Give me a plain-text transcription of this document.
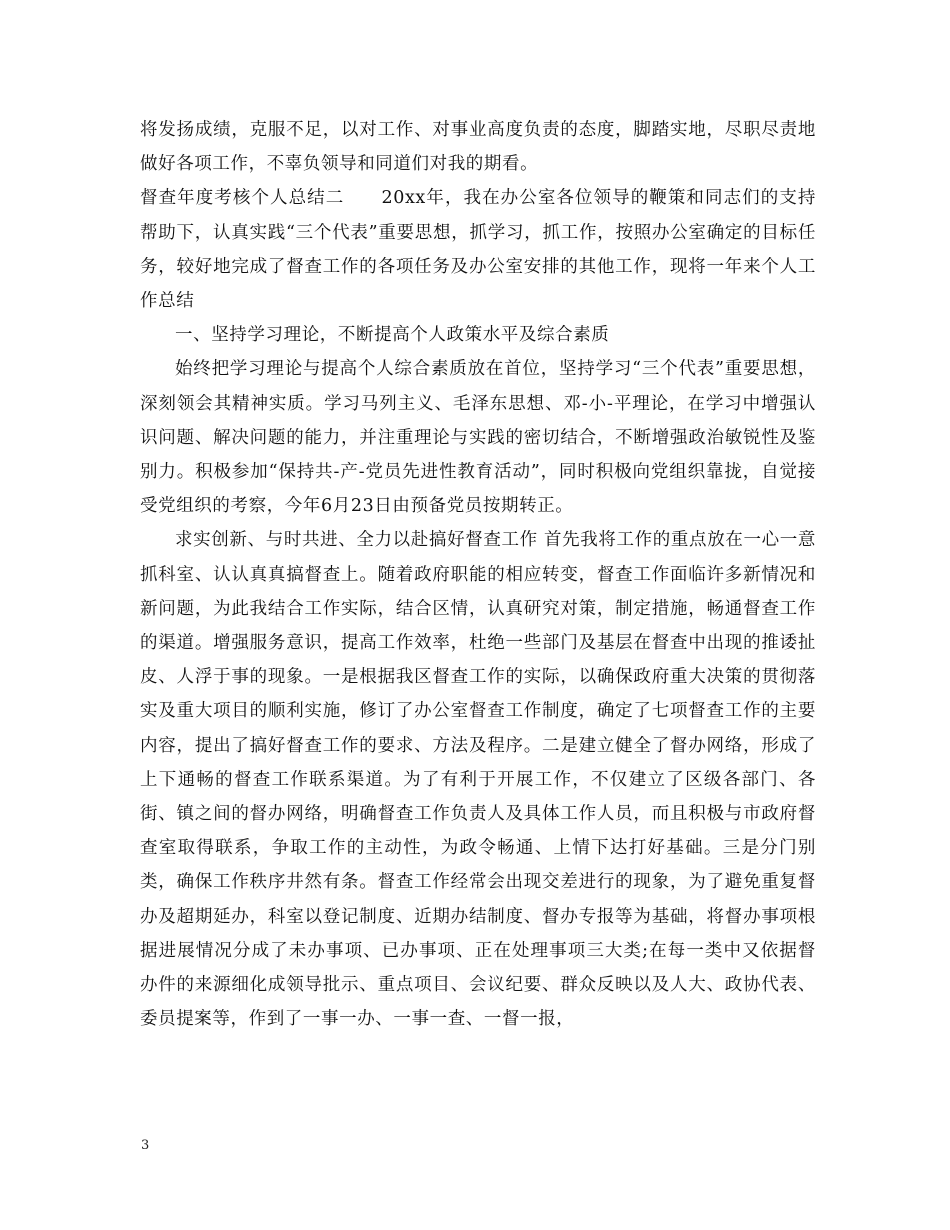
将发扬成绩，克服不足，以对工作、对事业高度负责的态度，脚踏实地，尽职尽责地做好各项工作，不辜负领导和同道们对我的期看。

督查年度考核个人总结二　　20xx年，我在办公室各位领导的鞭策和同志们的支持帮助下，认真实践“三个代表”重要思想，抓学习，抓工作，按照办公室确定的目标任务，较好地完成了督查工作的各项任务及办公室安排的其他工作，现将一年来个人工作总结

一、坚持学习理论，不断提高个人政策水平及综合素质

始终把学习理论与提高个人综合素质放在首位，坚持学习“三个代表”重要思想，深刻领会其精神实质。学习马列主义、毛泽东思想、邓-小-平理论，在学习中增强认识问题、解决问题的能力，并注重理论与实践的密切结合，不断增强政治敏锐性及鉴别力。积极参加“保持共-产-党员先进性教育活动”，同时积极向党组织靠拢，自觉接受党组织的考察，今年6月23日由预备党员按期转正。

求实创新、与时共进、全力以赴搞好督查工作 首先我将工作的重点放在一心一意抓科室、认认真真搞督查上。随着政府职能的相应转变，督查工作面临许多新情况和新问题，为此我结合工作实际，结合区情，认真研究对策，制定措施，畅通督查工作的渠道。增强服务意识，提高工作效率，杜绝一些部门及基层在督查中出现的推诿扯皮、人浮于事的现象。一是根据我区督查工作的实际，以确保政府重大决策的贯彻落实及重大项目的顺利实施，修订了办公室督查工作制度，确定了七项督查工作的主要内容，提出了搞好督查工作的要求、方法及程序。二是建立健全了督办网络，形成了上下通畅的督查工作联系渠道。为了有利于开展工作，不仅建立了区级各部门、各街、镇之间的督办网络，明确督查工作负责人及具体工作人员，而且积极与市政府督查室取得联系，争取工作的主动性，为政令畅通、上情下达打好基础。三是分门别类，确保工作秩序井然有条。督查工作经常会出现交差进行的现象，为了避免重复督办及超期延办，科室以登记制度、近期办结制度、督办专报等为基础，将督办事项根据进展情况分成了未办事项、已办事项、正在处理事项三大类;在每一类中又依据督办件的来源细化成领导批示、重点项目、会议纪要、群众反映以及人大、政协代表、委员提案等，作到了一事一办、一事一查、一督一报，

3
